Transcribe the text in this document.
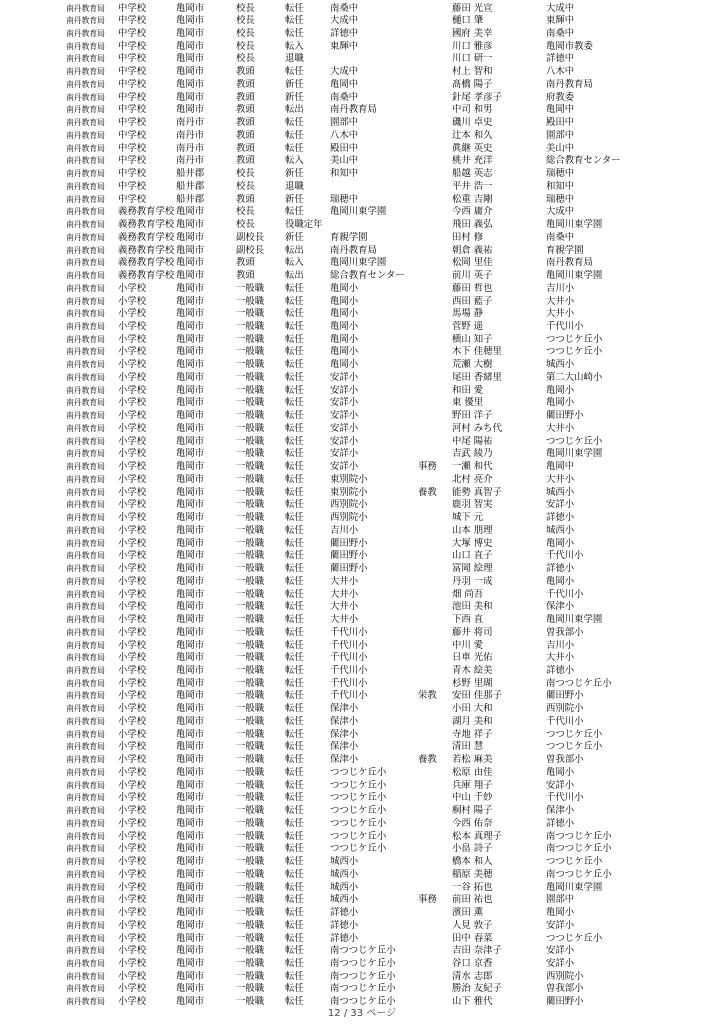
南丹教育局	中学校	亀岡市	校長	転任	南桑中	藤田 光宣	大成中
南丹教育局	中学校	亀岡市	校長	転任	大成中	樋口 肇	東輝中
南丹教育局	中学校	亀岡市	校長	転任	詳徳中	國府 美幸	南桑中
南丹教育局	中学校	亀岡市	校長	転入	東輝中	川口 雅彦	亀岡市教委
南丹教育局	中学校	亀岡市	校長	退職	川口 研一	詳徳中
南丹教育局	中学校	亀岡市	教頭	転任	大成中	村上 智和	八木中
南丹教育局	中学校	亀岡市	教頭	新任	亀岡中	髙橋 陽子	南丹教育局
南丹教育局	中学校	亀岡市	教頭	新任	南桑中	針尾 孝彦子	府教委
南丹教育局	中学校	亀岡市	教頭	転出	南丹教育局	中司 和男	亀岡中
南丹教育局	中学校	南丹市	教頭	転任	園部中	磯川 卓史	殿田中
南丹教育局	中学校	南丹市	教頭	転任	八木中	辻本 和久	園部中
南丹教育局	中学校	南丹市	教頭	転任	殿田中	眞継 英史	美山中
南丹教育局	中学校	南丹市	教頭	転入	美山中	桃井 充洋	総合教育センター
南丹教育局	中学校	船井郡	校長	新任	和知中	船越 英志	瑞穂中
南丹教育局	中学校	船井郡	校長	退職	平井 浩一	和知中
南丹教育局	中学校	船井郡	教頭	新任	瑞穂中	松重 吉剛	瑞穂中
南丹教育局	義務教育学校 亀岡市	校長	転任	亀岡川東学園	今西 庸介	大成中
南丹教育局	義務教育学校 亀岡市	校長	役職定年	飛田 義弘	亀岡川東学園
南丹教育局	義務教育学校 亀岡市	副校長	新任	育親学園	田村 修	南桑中
南丹教育局	義務教育学校 亀岡市	副校長	転出	南丹教育局	朝倉 義祐	育親学園
南丹教育局	義務教育学校 亀岡市	教頭	転入	亀岡川東学園	松岡 里佳	南丹教育局
南丹教育局	義務教育学校 亀岡市	教頭	転出	総合教育センター	前川 英子	亀岡川東学園
南丹教育局	小学校	亀岡市	一般職	転任	亀岡小	藤田 哲也	吉川小
南丹教育局	小学校	亀岡市	一般職	転任	亀岡小	西田 藍子	大井小
南丹教育局	小学校	亀岡市	一般職	転任	亀岡小	馬場 静	大井小
南丹教育局	小学校	亀岡市	一般職	転任	亀岡小	菅野 遥	千代川小
南丹教育局	小学校	亀岡市	一般職	転任	亀岡小	横山 知子	つつじケ丘小
南丹教育局	小学校	亀岡市	一般職	転任	亀岡小	木下 佳穂里	つつじケ丘小
南丹教育局	小学校	亀岡市	一般職	転任	亀岡小	荒瀬 大樹	城西小
南丹教育局	小学校	亀岡市	一般職	転任	安詳小	尾田 香緒里	第二大山崎小
南丹教育局	小学校	亀岡市	一般職	転任	安詳小	和田 愛	亀岡小
南丹教育局	小学校	亀岡市	一般職	転任	安詳小	東 優里	亀岡小
南丹教育局	小学校	亀岡市	一般職	転任	安詳小	野田 洋子	藺田野小
南丹教育局	小学校	亀岡市	一般職	転任	安詳小	河村 みち代	大井小
南丹教育局	小学校	亀岡市	一般職	転任	安詳小	中尾 陽祐	つつじケ丘小
南丹教育局	小学校	亀岡市	一般職	転任	安詳小	吉武 綾乃	亀岡川東学園
南丹教育局	小学校	亀岡市	一般職	転任	安詳小	事務	一瀬 和代	亀岡中
南丹教育局	小学校	亀岡市	一般職	転任	東別院小	北村 亮介	大井小
南丹教育局	小学校	亀岡市	一般職	転任	東別院小	養教	能勢 真智子	城西小
南丹教育局	小学校	亀岡市	一般職	転任	西別院小	鹿羽 智実	安詳小
南丹教育局	小学校	亀岡市	一般職	転任	西別院小	城下 元	詳徳小
南丹教育局	小学校	亀岡市	一般職	転任	吉川小	山本 朋理	城西小
南丹教育局	小学校	亀岡市	一般職	転任	藺田野小	大塚 博史	亀岡小
南丹教育局	小学校	亀岡市	一般職	転任	藺田野小	山口 直子	千代川小
南丹教育局	小学校	亀岡市	一般職	転任	藺田野小	富岡 絵理	詳徳小
南丹教育局	小学校	亀岡市	一般職	転任	大井小	丹羽 一成	亀岡小
南丹教育局	小学校	亀岡市	一般職	転任	大井小	畑 尚吾	千代川小
南丹教育局	小学校	亀岡市	一般職	転任	大井小	池田 美和	保津小
南丹教育局	小学校	亀岡市	一般職	転任	大井小	下西 直	亀岡川東学園
南丹教育局	小学校	亀岡市	一般職	転任	千代川小	藤井 将司	曽我部小
南丹教育局	小学校	亀岡市	一般職	転任	千代川小	中川 愛	吉川小
南丹教育局	小学校	亀岡市	一般職	転任	千代川小	日車 光佑	大井小
南丹教育局	小学校	亀岡市	一般職	転任	千代川小	青木 絵美	詳徳小
南丹教育局	小学校	亀岡市	一般職	転任	千代川小	杉野 里瑚	南つつじケ丘小
南丹教育局	小学校	亀岡市	一般職	転任	千代川小	栄教	安田 佳那子	藺田野小
南丹教育局	小学校	亀岡市	一般職	転任	保津小	小田 大和	西別院小
南丹教育局	小学校	亀岡市	一般職	転任	保津小	湖月 美和	千代川小
南丹教育局	小学校	亀岡市	一般職	転任	保津小	寺地 祥子	つつじケ丘小
南丹教育局	小学校	亀岡市	一般職	転任	保津小	清田 慧	つつじケ丘小
南丹教育局	小学校	亀岡市	一般職	転任	保津小	養教	若松 麻美	曽我部小
南丹教育局	小学校	亀岡市	一般職	転任	つつじケ丘小	松原 由佳	亀岡小
南丹教育局	小学校	亀岡市	一般職	転任	つつじケ丘小	兵庫 翔子	安詳小
南丹教育局	小学校	亀岡市	一般職	転任	つつじケ丘小	中山 千紗	千代川小
南丹教育局	小学校	亀岡市	一般職	転任	つつじケ丘小	桐村 陽子	保津小
南丹教育局	小学校	亀岡市	一般職	転任	つつじケ丘小	今西 佑奈	詳徳小
南丹教育局	小学校	亀岡市	一般職	転任	つつじケ丘小	松本 真理子	南つつじケ丘小
南丹教育局	小学校	亀岡市	一般職	転任	つつじケ丘小	小畠 詩子	南つつじケ丘小
南丹教育局	小学校	亀岡市	一般職	転任	城西小	橋本 和人	つつじケ丘小
南丹教育局	小学校	亀岡市	一般職	転任	城西小	稲原 美穂	南つつじケ丘小
南丹教育局	小学校	亀岡市	一般職	転任	城西小	一谷 拓也	亀岡川東学園
南丹教育局	小学校	亀岡市	一般職	転任	城西小	事務	前田 祐也	園部中
南丹教育局	小学校	亀岡市	一般職	転任	詳徳小	濱田 薫	亀岡小
南丹教育局	小学校	亀岡市	一般職	転任	詳徳小	人見 敦子	安詳小
南丹教育局	小学校	亀岡市	一般職	転任	詳徳小	田中 春菜	つつじケ丘小
南丹教育局	小学校	亀岡市	一般職	転任	南つつじケ丘小	吉田 奈津子	安詳小
南丹教育局	小学校	亀岡市	一般職	転任	南つつじケ丘小	谷口 京香	安詳小
南丹教育局	小学校	亀岡市	一般職	転任	南つつじケ丘小	清水 志郎	西別院小
南丹教育局	小学校	亀岡市	一般職	転任	南つつじケ丘小	勝治 友紀子	曽我部小
南丹教育局	小学校	亀岡市	一般職	転任	南つつじケ丘小	山下 雅代	藺田野小
12 / 33 ページ
